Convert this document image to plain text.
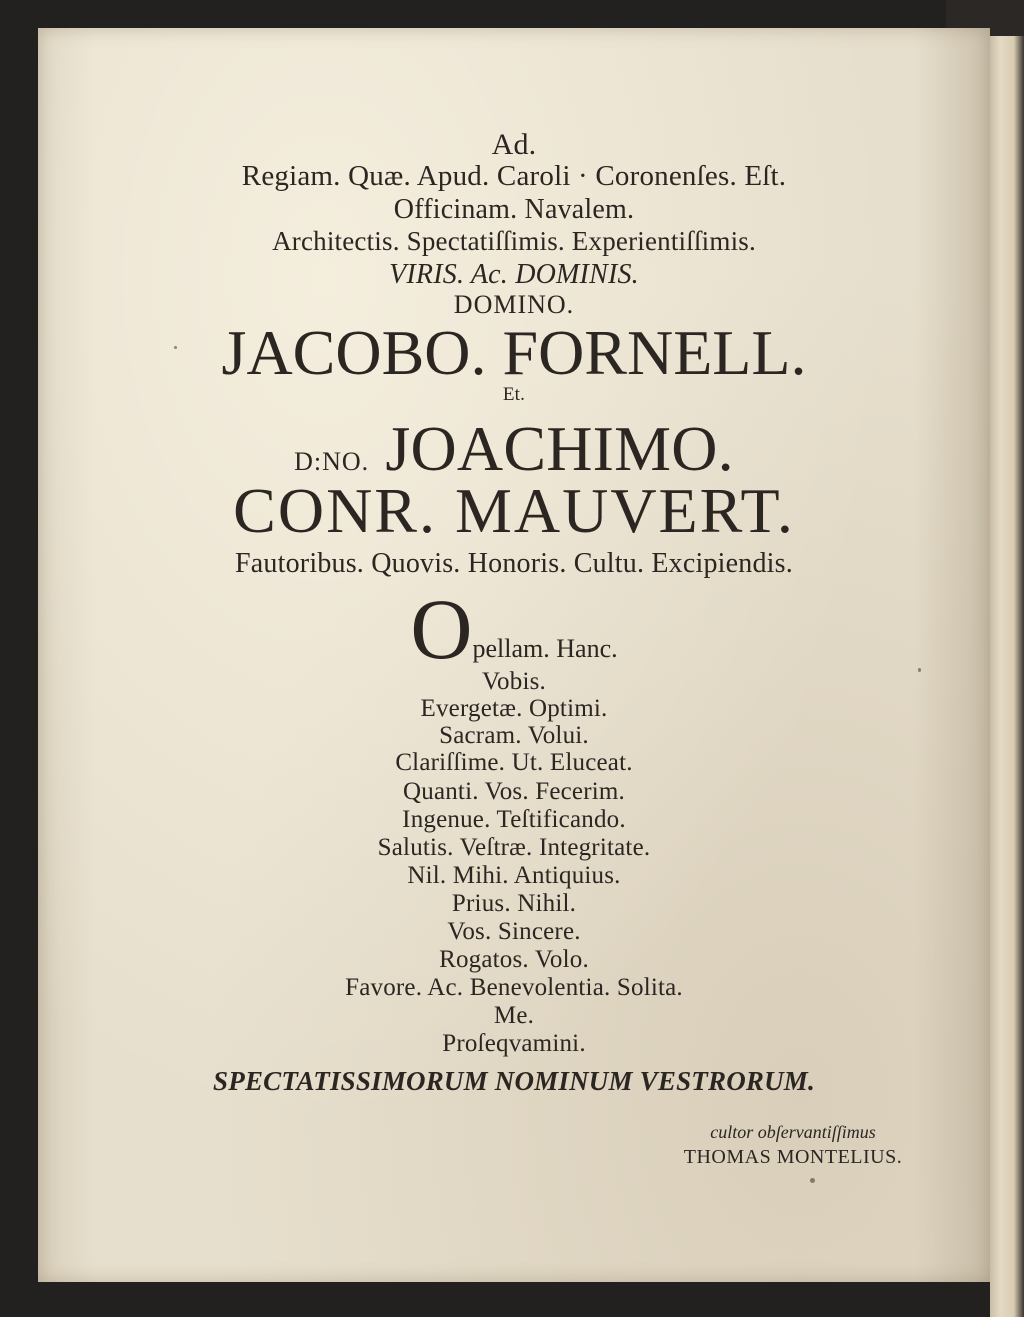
Ad.
Regiam. Quæ. Apud. Caroli · Coronenſes. Eſt.
Officinam. Navalem.
Architectis. Spectatiſſimis. Experientiſſimis.
VIRIS. Ac. DOMINIS.
DOMINO.
JACOBO. FORNELL.
Et.
D:NO. JOACHIMO.
CONR. MAUVERT.
Fautoribus. Quovis. Honoris. Cultu. Excipiendis.
Opellam. Hanc.
Vobis.
Evergetæ. Optimi.
Sacram. Volui.
Clariſſime. Ut. Eluceat.
Quanti. Vos. Fecerim.
Ingenue. Teſtificando.
Salutis. Veſtræ. Integritate.
Nil. Mihi. Antiquius.
Prius. Nihil.
Vos. Sincere.
Rogatos. Volo.
Favore. Ac. Benevolentia. Solita.
Me.
Proſeqvamini.
SPECTATISSIMORUM NOMINUM VESTRORUM.
cultor obſervantiſſimus
THOMAS MONTELIUS.
